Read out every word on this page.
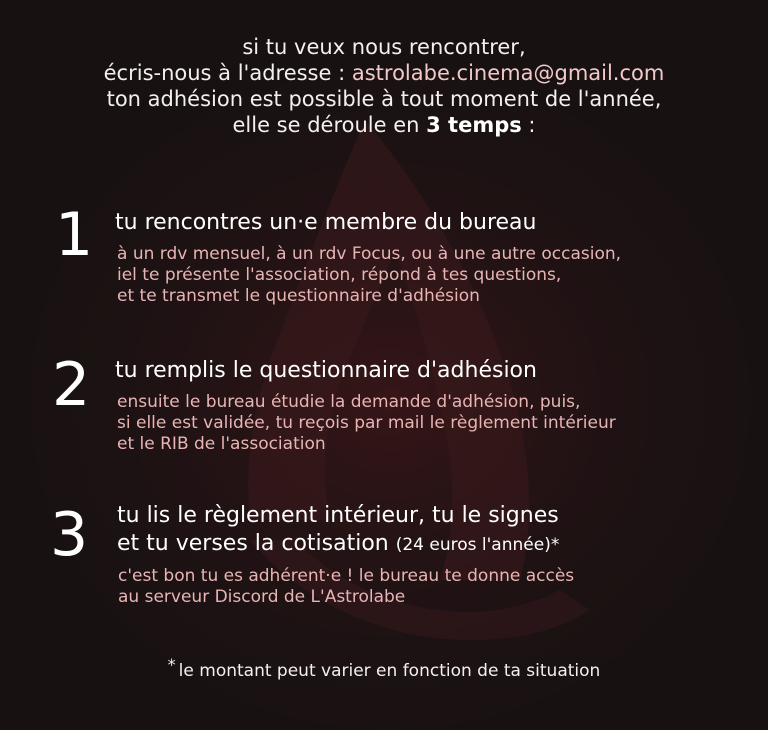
si tu veux nous rencontrer,
écris-nous à l'adresse : astrolabe.cinema@gmail.com
ton adhésion est possible à tout moment de l'année,
elle se déroule en 3 temps :
1 tu rencontres un·e membre du bureau
à un rdv mensuel, à un rdv Focus, ou à une autre occasion,
iel te présente l'association, répond à tes questions,
et te transmet le questionnaire d'adhésion
2 tu remplis le questionnaire d'adhésion
ensuite le bureau étudie la demande d'adhésion, puis,
si elle est validée, tu reçois par mail le règlement intérieur
et le RIB de l'association
3 tu lis le règlement intérieur, tu le signes
et tu verses la cotisation (24 euros l'année)*
c'est bon tu es adhérent·e ! le bureau te donne accès
au serveur Discord de L'Astrolabe
* le montant peut varier en fonction de ta situation
